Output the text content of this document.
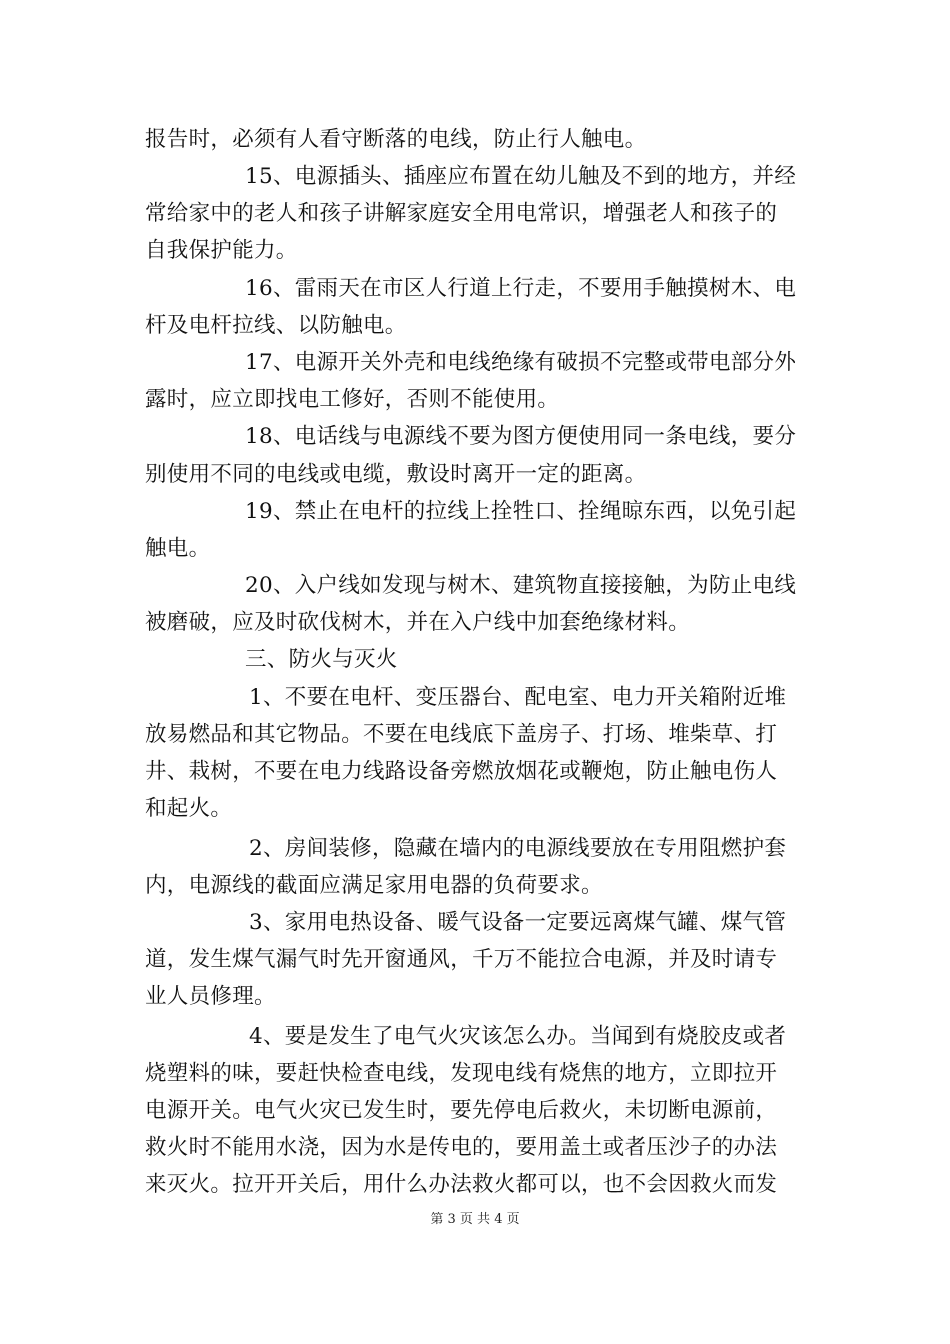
报告时，必须有人看守断落的电线，防止行人触电。
15、电源插头、插座应布置在幼儿触及不到的地方，并经
常给家中的老人和孩子讲解家庭安全用电常识，增强老人和孩子的
自我保护能力。
16、雷雨天在市区人行道上行走，不要用手触摸树木、电
杆及电杆拉线、以防触电。
17、电源开关外壳和电线绝缘有破损不完整或带电部分外
露时，应立即找电工修好，否则不能使用。
18、电话线与电源线不要为图方便使用同一条电线，要分
别使用不同的电线或电缆，敷设时离开一定的距离。
19、禁止在电杆的拉线上拴牲口、拴绳晾东西，以免引起
触电。
20、入户线如发现与树木、建筑物直接接触，为防止电线
被磨破，应及时砍伐树木，并在入户线中加套绝缘材料。
三、防火与灭火
1、不要在电杆、变压器台、配电室、电力开关箱附近堆
放易燃品和其它物品。不要在电线底下盖房子、打场、堆柴草、打
井、栽树，不要在电力线路设备旁燃放烟花或鞭炮，防止触电伤人
和起火。
2、房间装修，隐藏在墙内的电源线要放在专用阻燃护套
内，电源线的截面应满足家用电器的负荷要求。
3、家用电热设备、暖气设备一定要远离煤气罐、煤气管
道，发生煤气漏气时先开窗通风，千万不能拉合电源，并及时请专
业人员修理。
4、要是发生了电气火灾该怎么办。当闻到有烧胶皮或者
烧塑料的味，要赶快检查电线，发现电线有烧焦的地方，立即拉开
电源开关。电气火灾已发生时，要先停电后救火，未切断电源前，
救火时不能用水浇，因为水是传电的，要用盖土或者压沙子的办法
来灭火。拉开开关后，用什么办法救火都可以，也不会因救火而发
第 3 页 共 4 页
